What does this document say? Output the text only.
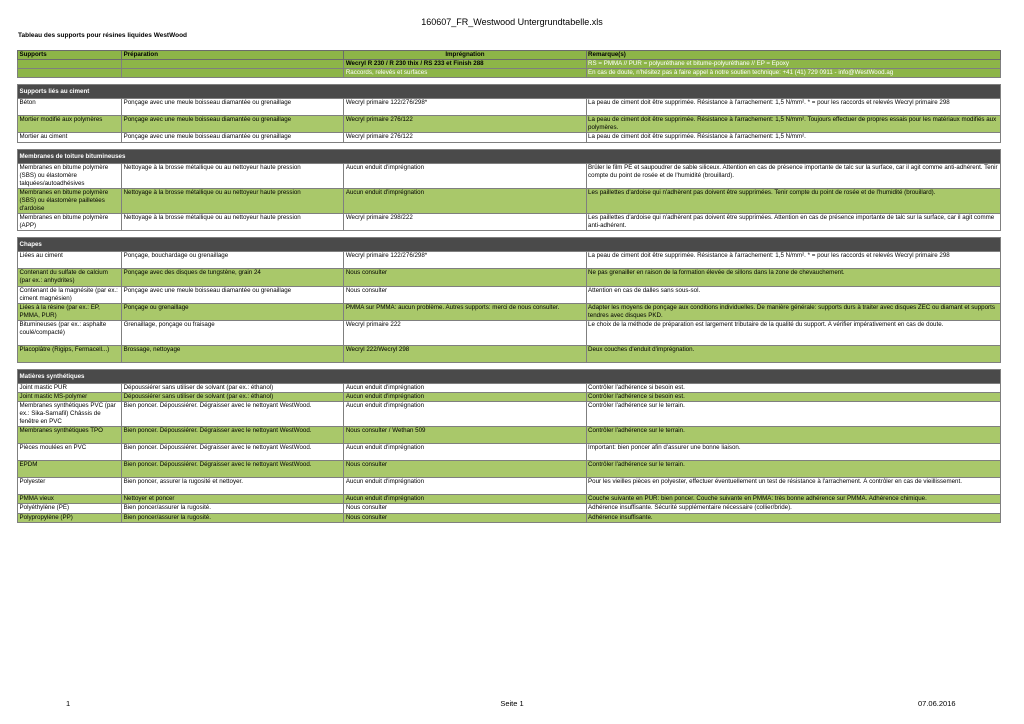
160607_FR_Westwood Untergrundtabelle.xls
Tableau des supports pour résines liquides WestWood
Supports	Préparation	Imprégnation	Remarque(s)
		Wecryl R 230 / R 230 thix / RS 233 et Finish 288	RS = PMMA // PUR = polyuréthane et bitume-polyuréthane // EP = Epoxy
		Raccords, relevés et surfaces	En cas de doute, n'hésitez pas à faire appel à notre soutien technique: +41 (41) 729 0911 - info@WestWood.ag

Supports liés au ciment			
Béton	Ponçage avec une meule boisseau diamantée ou grenaillage	Wecryl primaire 122/276/298*	La peau de ciment doit être supprimée. Résistance à l'arrachement: 1,5 N/mm². * = pour les raccords et relevés Wecryl primaire 298
Mortier modifié aux polymères	Ponçage avec une meule boisseau diamantée ou grenaillage	Wecryl primaire 276/122	La peau de ciment doit être supprimée. Résistance à l'arrachement: 1,5 N/mm². Toujours effectuer de propres essais pour les matériaux modifiés aux polymères.
Mortier au ciment	Ponçage avec une meule boisseau diamantée ou grenaillage	Wecryl primaire 276/122	La peau de ciment doit être supprimée. Résistance à l'arrachement: 1,5 N/mm².

Membranes de toiture bitumineuses			
Membranes en bitume polymère (SBS) ou élastomère talquées/autoadhésives	Nettoyage à la brosse métallique ou au nettoyeur haute pression	Aucun enduit d'imprégnation	Brûler le film PE et saupoudrer de sable siliceux. Attention en cas de présence importante de talc sur la surface, car il agit comme anti-adhérent. Tenir compte du point de rosée et de l'humidité (brouillard).
Membranes en bitume polymère (SBS) ou élastomère pailletées d'ardoise	Nettoyage à la brosse métallique ou au nettoyeur haute pression	Aucun enduit d'imprégnation	Les paillettes d'ardoise qui n'adhèrent pas doivent être supprimées. Tenir compte du point de rosée et de l'humidité (brouillard).
Membranes en bitume polymère (APP)	Nettoyage à la brosse métallique ou au nettoyeur haute pression	Wecryl primaire 298/222	Les paillettes d'ardoise qui n'adhèrent pas doivent être supprimées. Attention en cas de présence importante de talc sur la surface, car il agit comme anti-adhérent.

Chapes			
Liées au ciment	Ponçage, bouchardage ou grenaillage	Wecryl primaire 122/276/298*	La peau de ciment doit être supprimée. Résistance à l'arrachement: 1,5 N/mm². * = pour les raccords et relevés Wecryl primaire 298
Contenant du sulfate de calcium (par ex.: anhydrites)	Ponçage avec des disques de tungstène, grain 24	Nous consulter	Ne pas grenailler en raison de la formation élevée de sillons dans la zone de chevauchement.
Contenant de la magnésite (par ex.: ciment magnésien)	Ponçage avec une meule boisseau diamantée ou grenaillage	Nous consulter	Attention en cas de dalles sans sous-sol.
Liées à la résine (par ex.: EP, PMMA, PUR)	Ponçage ou grenaillage	PMMA sur PMMA: aucun problème. Autres supports: merci de nous consulter.	Adapter les moyens de ponçage aux conditions individuelles. De manière générale: supports durs à traiter avec disques ZEC ou diamant et supports tendres avec disques PKD.
Bitumineuses (par ex.: asphalte coulé/compacté)	Grenaillage, ponçage ou fraisage	Wecryl primaire 222	Le choix de la méthode de préparation est largement tributaire de la qualité du support. A vérifier impérativement en cas de doute.
Placoplâtre (Rigips, Fermacell...)	Brossage, nettoyage	Wecryl 222/Wecryl 298	Deux couches d'enduit d'imprégnation.

Matières synthétiques			
Joint mastic PUR	Dépoussiérer sans utiliser de solvant (par ex.: éthanol)	Aucun enduit d'imprégnation	Contrôler l'adhérence si besoin est.
Joint mastic MS-polymer	Dépoussiérer sans utiliser de solvant (par ex.: éthanol)	Aucun enduit d'imprégnation	Contrôler l'adhérence si besoin est.
Membranes synthétiques PVC (par ex.: Sika-Sarnafil) Châssis de fenêtre en PVC	Bien poncer. Dépoussiérer. Dégraisser avec le nettoyant WestWood.	Aucun enduit d'imprégnation	Contrôler l'adhérence sur le terrain.
Membranes synthétiques TPO	Bien poncer. Dépoussiérer. Dégraisser avec le nettoyant WestWood.	Nous consulter / Wethan 509	Contrôler l'adhérence sur le terrain.
Pièces moulées en PVC	Bien poncer. Dépoussiérer. Dégraisser avec le nettoyant WestWood.	Aucun enduit d'imprégnation	Important: bien poncer afin d'assurer une bonne liaison.
EPDM	Bien poncer. Dépoussiérer. Dégraisser avec le nettoyant WestWood.	Nous consulter	Contrôler l'adhérence sur le terrain.
Polyester	Bien poncer, assurer la rugosité et nettoyer.	Aucun enduit d'imprégnation	Pour les vieilles pièces en polyester, effectuer éventuellement un test de résistance à l'arrachement. À contrôler en cas de vieillissement.
PMMA vieux	Nettoyer et poncer	Aucun enduit d'imprégnation	Couche suivante en PUR: bien poncer. Couche suivante en PMMA: très bonne adhérence sur PMMA. Adhérence chimique.
Polyéthylène (PE)	Bien poncer/assurer la rugosité.	Nous consulter	Adhérence insuffisante. Sécurité supplémentaire nécessaire (collier/bride).
Polypropylène (PP)	Bien poncer/assurer la rugosité.	Nous consulter	Adhérence insuffisante.
1	Seite 1	07.06.2016
